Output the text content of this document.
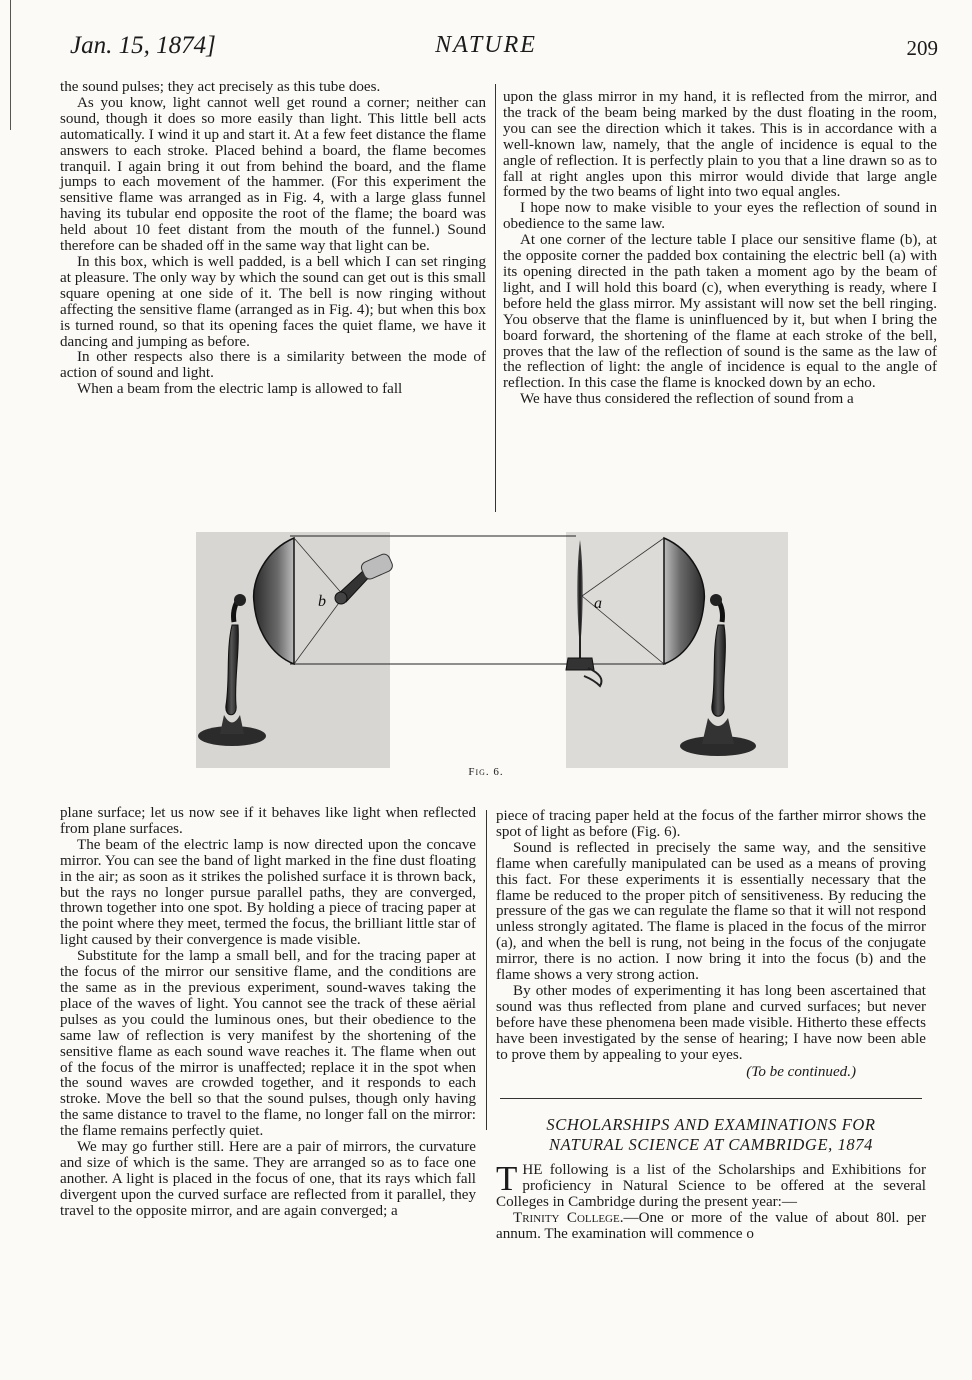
Jan. 15, 1874]	NATURE	209

the sound pulses; they act precisely as this tube does.

As you know, light cannot well get round a corner; neither can sound, though it does so more easily than light. This little bell acts automatically. I wind it up and start it. At a few feet distance the flame answers to each stroke. Placed behind a board, the flame becomes tranquil. I again bring it out from behind the board, and the flame jumps to each movement of the hammer. (For this experiment the sensitive flame was arranged as in Fig. 4, with a large glass funnel having its tubular end opposite the root of the flame; the board was held about 10 feet distant from the mouth of the funnel.) Sound therefore can be shaded off in the same way that light can be.

In this box, which is well padded, is a bell which I can set ringing at pleasure. The only way by which the sound can get out is this small square opening at one side of it. The bell is now ringing without affecting the sensitive flame (arranged as in Fig. 4); but when this box is turned round, so that its opening faces the quiet flame, we have it dancing and jumping as before.

In other respects also there is a similarity between the mode of action of sound and light.

When a beam from the electric lamp is allowed to fall

upon the glass mirror in my hand, it is reflected from the mirror, and the track of the beam being marked by the dust floating in the room, you can see the direction which it takes. This is in accordance with a well-known law, namely, that the angle of incidence is equal to the angle of reflection. It is perfectly plain to you that a line drawn so as to fall at right angles upon this mirror would divide that large angle formed by the two beams of light into two equal angles.

I hope now to make visible to your eyes the reflection of sound in obedience to the same law.

At one corner of the lecture table I place our sensitive flame (b), at the opposite corner the padded box containing the electric bell (a) with its opening directed in the path taken a moment ago by the beam of light, and I will hold this board (c), when everything is ready, where I before held the glass mirror. My assistant will now set the bell ringing. You observe that the flame is uninfluenced by it, but when I bring the board forward, the shortening of the flame at each stroke of the bell, proves that the law of the reflection of sound is the same as the law of the reflection of light: the angle of incidence is equal to the angle of reflection. In this case the flame is knocked down by an echo.

We have thus considered the reflection of sound from a

b	a
Fig. 6.

plane surface; let us now see if it behaves like light when reflected from plane surfaces.

The beam of the electric lamp is now directed upon the concave mirror. You can see the band of light marked in the fine dust floating in the air; as soon as it strikes the polished surface it is thrown back, but the rays no longer pursue parallel paths, they are converged, thrown together into one spot. By holding a piece of tracing paper at the point where they meet, termed the focus, the brilliant little star of light caused by their convergence is made visible.

Substitute for the lamp a small bell, and for the tracing paper at the focus of the mirror our sensitive flame, and the conditions are the same as in the previous experiment, sound-waves taking the place of the waves of light. You cannot see the track of these aërial pulses as you could the luminous ones, but their obedience to the same law of reflection is very manifest by the shortening of the sensitive flame as each sound wave reaches it. The flame when out of the focus of the mirror is unaffected; replace it in the spot when the sound waves are crowded together, and it responds to each stroke. Move the bell so that the sound pulses, though only having the same distance to travel to the flame, no longer fall on the mirror: the flame remains perfectly quiet.

We may go further still. Here are a pair of mirrors, the curvature and size of which is the same. They are arranged so as to face one another. A light is placed in the focus of one, that its rays which fall divergent upon the curved surface are reflected from it parallel, they travel to the opposite mirror, and are again converged; a

piece of tracing paper held at the focus of the farther mirror shows the spot of light as before (Fig. 6).

Sound is reflected in precisely the same way, and the sensitive flame when carefully manipulated can be used as a means of proving this fact. For these experiments it is essentially necessary that the flame be reduced to the proper pitch of sensitiveness. By reducing the pressure of the gas we can regulate the flame so that it will not respond unless strongly agitated. The flame is placed in the focus of the mirror (a), and when the bell is rung, not being in the focus of the conjugate mirror, there is no action. I now bring it into the focus (b) and the flame shows a very strong action.

By other modes of experimenting it has long been ascertained that sound was thus reflected from plane and curved surfaces; but never before have these phenomena been made visible. Hitherto these effects have been investigated by the sense of hearing; I have now been able to prove them by appealing to your eyes.

(To be continued.)
SCHOLARSHIPS AND EXAMINATIONS FOR
NATURAL SCIENCE AT CAMBRIDGE, 1874

THE following is a list of the Scholarships and Exhibitions for proficiency in Natural Science to be offered at the several Colleges in Cambridge during the present year:—

Trinity College.—One or more of the value of about 80l. per annum. The examination will commence o
